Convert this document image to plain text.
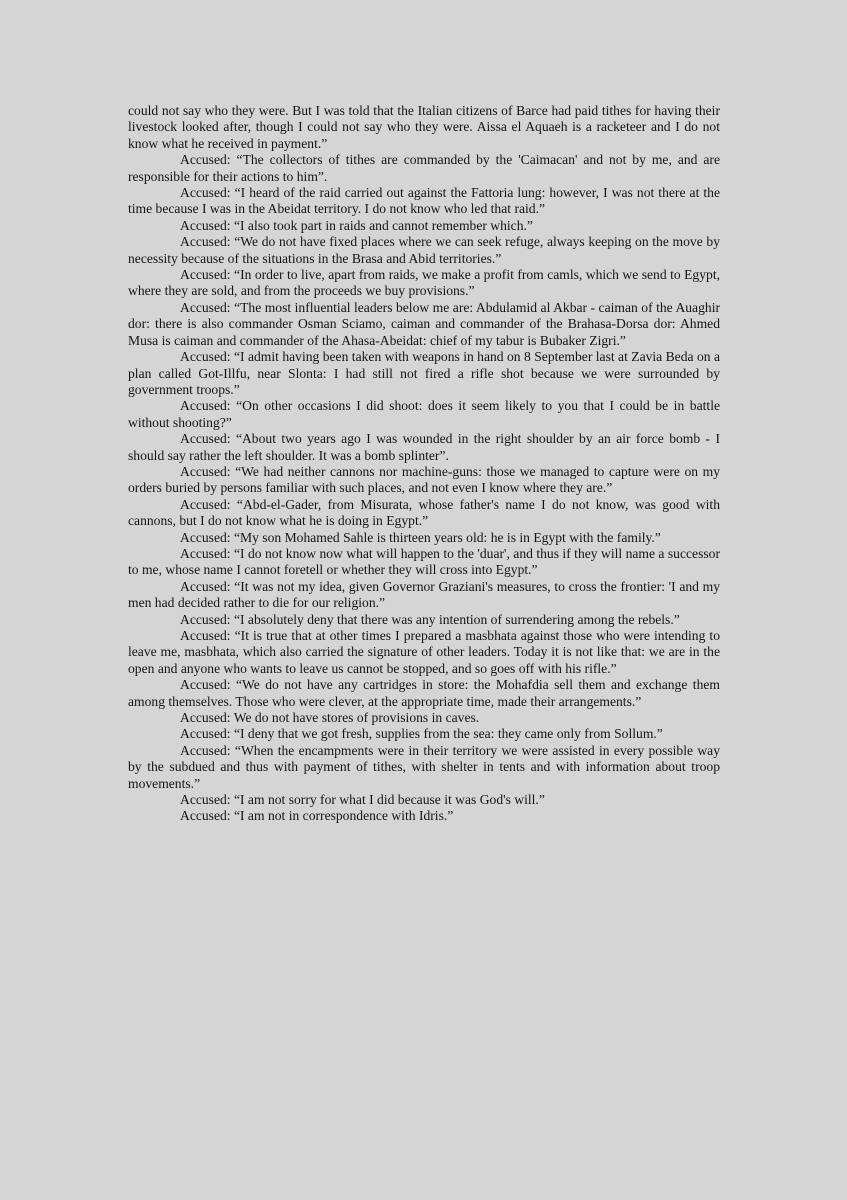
could not say who they were. But I was told that the Italian citizens of Barce had paid tithes for having their livestock looked after, though I could not say who they were. Aissa el Aquaeh is a racketeer and I do not know what he received in payment.”

Accused: “The collectors of tithes are commanded by the 'Caimacan' and not by me, and are responsible for their actions to him”.

Accused: “I heard of the raid carried out against the Fattoria lung: however, I was not there at the time because I was in the Abeidat territory. I do not know who led that raid.”

Accused: “I also took part in raids and cannot remember which.”

Accused: “We do not have fixed places where we can seek refuge, always keeping on the move by necessity because of the situations in the Brasa and Abid territories.”

Accused: “In order to live, apart from raids, we make a profit from camls, which we send to Egypt, where they are sold, and from the proceeds we buy provisions.”

Accused: “The most influential leaders below me are: Abdulamid al Akbar - caiman of the Auaghir dor: there is also commander Osman Sciamo, caiman and commander of the Brahasa-Dorsa dor: Ahmed Musa is caiman and commander of the Ahasa-Abeidat: chief of my tabur is Bubaker Zigri.”

Accused: “I admit having been taken with weapons in hand on 8 September last at Zavia Beda on a plan called Got-Illfu, near Slonta: I had still not fired a rifle shot because we were surrounded by government troops.”

Accused: “On other occasions I did shoot: does it seem likely to you that I could be in battle without shooting?”

Accused: “About two years ago I was wounded in the right shoulder by an air force bomb - I should say rather the left shoulder. It was a bomb splinter”.

Accused: “We had neither cannons nor machine-guns: those we managed to capture were on my orders buried by persons familiar with such places, and not even I know where they are.”

Accused: “Abd-el-Gader, from Misurata, whose father's name I do not know, was good with cannons, but I do not know what he is doing in Egypt.”

Accused: “My son Mohamed Sahle is thirteen years old: he is in Egypt with the family.”

Accused: “I do not know now what will happen to the 'duar', and thus if they will name a successor to me, whose name I cannot foretell or whether they will cross into Egypt.”

Accused: “It was not my idea, given Governor Graziani's measures, to cross the frontier: 'I and my men had decided rather to die for our religion.”

Accused: “I absolutely deny that there was any intention of surrendering among the rebels.”

Accused: “It is true that at other times I prepared a masbhata against those who were intending to leave me, masbhata, which also carried the signature of other leaders. Today it is not like that: we are in the open and anyone who wants to leave us cannot be stopped, and so goes off with his rifle.”

Accused: “We do not have any cartridges in store: the Mohafdia sell them and exchange them among themselves. Those who were clever, at the appropriate time, made their arrangements.”

Accused: We do not have stores of provisions in caves.

Accused: “I deny that we got fresh, supplies from the sea: they came only from Sollum.”

Accused: “When the encampments were in their territory we were assisted in every possible way by the subdued and thus with payment of tithes, with shelter in tents and with information about troop movements.”

Accused: “I am not sorry for what I did because it was God's will.”

Accused: “I am not in correspondence with Idris.”
